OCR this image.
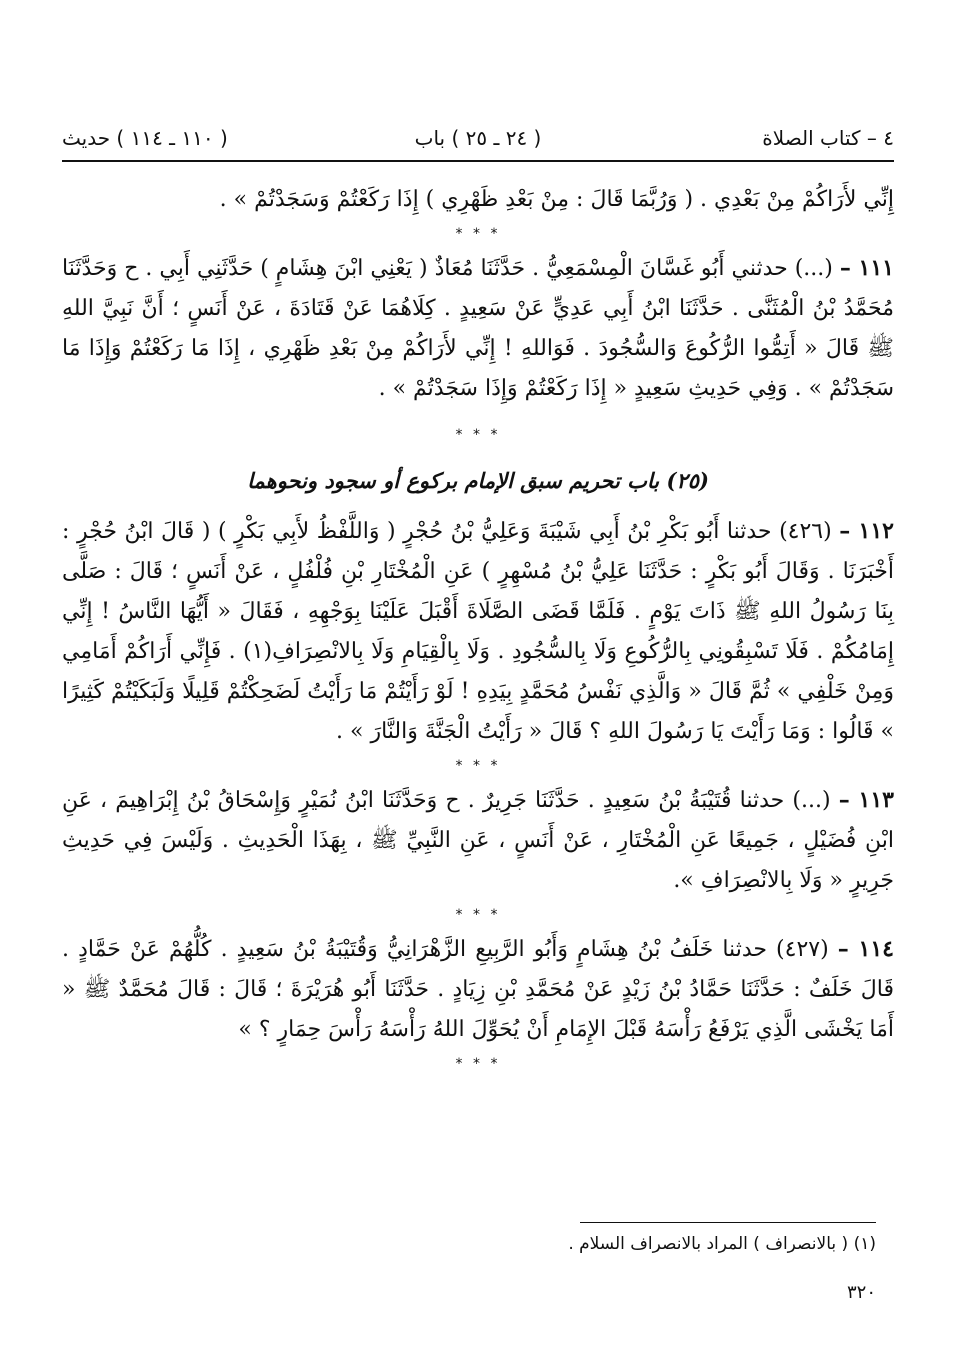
٤ – كتاب الصلاة
( ٢٤ ـ ٢٥ ) باب
( ١١٠ ـ ١١٤ ) حديث

إِنِّي لأَرَاكُمْ مِنْ بَعْدِي . ( وَرُبَّمَا قَالَ : مِنْ بَعْدِ ظَهْرِي ) إِذَا رَكَعْتُمْ وَسَجَدْتُمْ » .

* * *

١١١ – (...) حدثني أَبُو غَسَّانَ الْمِسْمَعِيُّ . حَدَّثَنَا مُعَاذٌ ( يَعْنِي ابْنَ هِشَامٍ ) حَدَّثَنِي أَبِي . ح وَحَدَّثَنَا مُحَمَّدُ بْنُ الْمُثَنَّى . حَدَّثَنَا ابْنُ أَبِي عَدِيٍّ عَنْ سَعِيدٍ . كِلَاهُمَا عَنْ قَتَادَةَ ، عَنْ أَنَسٍ ؛ أَنَّ نَبِيَّ اللهِ ﷺ قَالَ « أَتِمُّوا الرُّكُوعَ وَالسُّجُودَ . فَوَاللهِ ! إِنِّي لأَرَاكُمْ مِنْ بَعْدِ ظَهْرِي ، إِذَا مَا رَكَعْتُمْ وَإِذَا مَا سَجَدْتُمْ » . وَفِي حَدِيثِ سَعِيدٍ « إِذَا رَكَعْتُمْ وَإِذَا سَجَدْتُمْ » .

* * *
(٢٥) باب تحريم سبق الإمام بركوع أو سجود ونحوهما

١١٢ – (٤٢٦) حدثنا أَبُو بَكْرِ بْنُ أَبِي شَيْبَةَ وَعَلِيُّ بْنُ حُجْرٍ ( وَاللَّفْظُ لأَبِي بَكْرٍ ) ( قَالَ ابْنُ حُجْرٍ : أَخْبَرَنَا . وَقَالَ أَبُو بَكْرٍ : حَدَّثَنَا عَلِيُّ بْنُ مُسْهِرٍ ) عَنِ الْمُخْتَارِ بْنِ فُلْفُلٍ ، عَنْ أَنَسٍ ؛ قَالَ : صَلَّى بِنَا رَسُولُ اللهِ ﷺ ذَاتَ يَوْمٍ . فَلَمَّا قَضَى الصَّلَاةَ أَقْبَلَ عَلَيْنَا بِوَجْهِهِ ، فَقَالَ « أَيُّهَا النَّاسُ ! إِنِّي إِمَامُكُمْ . فَلَا تَسْبِقُونِي بِالرُّكُوعِ وَلَا بِالسُّجُودِ . وَلَا بِالْقِيَامِ وَلَا بِالانْصِرَافِ(١) . فَإِنِّي أَرَاكُمْ أَمَامِي وَمِنْ خَلْفِي » ثُمَّ قَالَ « وَالَّذِي نَفْسُ مُحَمَّدٍ بِيَدِهِ ! لَوْ رَأَيْتُمْ مَا رَأَيْتُ لَضَحِكْتُمْ قَلِيلًا وَلَبَكَيْتُمْ كَثِيرًا » قَالُوا : وَمَا رَأَيْتَ يَا رَسُولَ اللهِ ؟ قَالَ « رَأَيْتُ الْجَنَّةَ وَالنَّارَ » .

* * *

١١٣ – (...) حدثنا قُتَيْبَةُ بْنُ سَعِيدٍ . حَدَّثَنَا جَرِيرٌ . ح وَحَدَّثَنَا ابْنُ نُمَيْرٍ وَإِسْحَاقُ بْنُ إِبْرَاهِيمَ ، عَنِ ابْنِ فُضَيْلٍ ، جَمِيعًا عَنِ الْمُخْتَارِ ، عَنْ أَنَسٍ ، عَنِ النَّبِيِّ ﷺ ، بِهَذَا الْحَدِيثِ . وَلَيْسَ فِي حَدِيثِ جَرِيرٍ « وَلَا بِالانْصِرَافِ ».

* * *

١١٤ – (٤٢٧) حدثنا خَلَفُ بْنُ هِشَامٍ وَأَبُو الرَّبِيعِ الزَّهْرَانِيُّ وَقُتَيْبَةُ بْنُ سَعِيدٍ . كُلُّهُمْ عَنْ حَمَّادٍ . قَالَ خَلَفٌ : حَدَّثَنَا حَمَّادُ بْنُ زَيْدٍ عَنْ مُحَمَّدِ بْنِ زِيَادٍ . حَدَّثَنَا أَبُو هُرَيْرَةَ ؛ قَالَ : قَالَ مُحَمَّدٌ ﷺ « أَمَا يَخْشَى الَّذِي يَرْفَعُ رَأْسَهُ قَبْلَ الإِمَامِ أَنْ يُحَوِّلَ اللهُ رَأْسَهُ رَأْسَ حِمَارٍ ؟ »

* * *
(١) ( بالانصراف ) المراد بالانصراف السلام .
٣٢٠
